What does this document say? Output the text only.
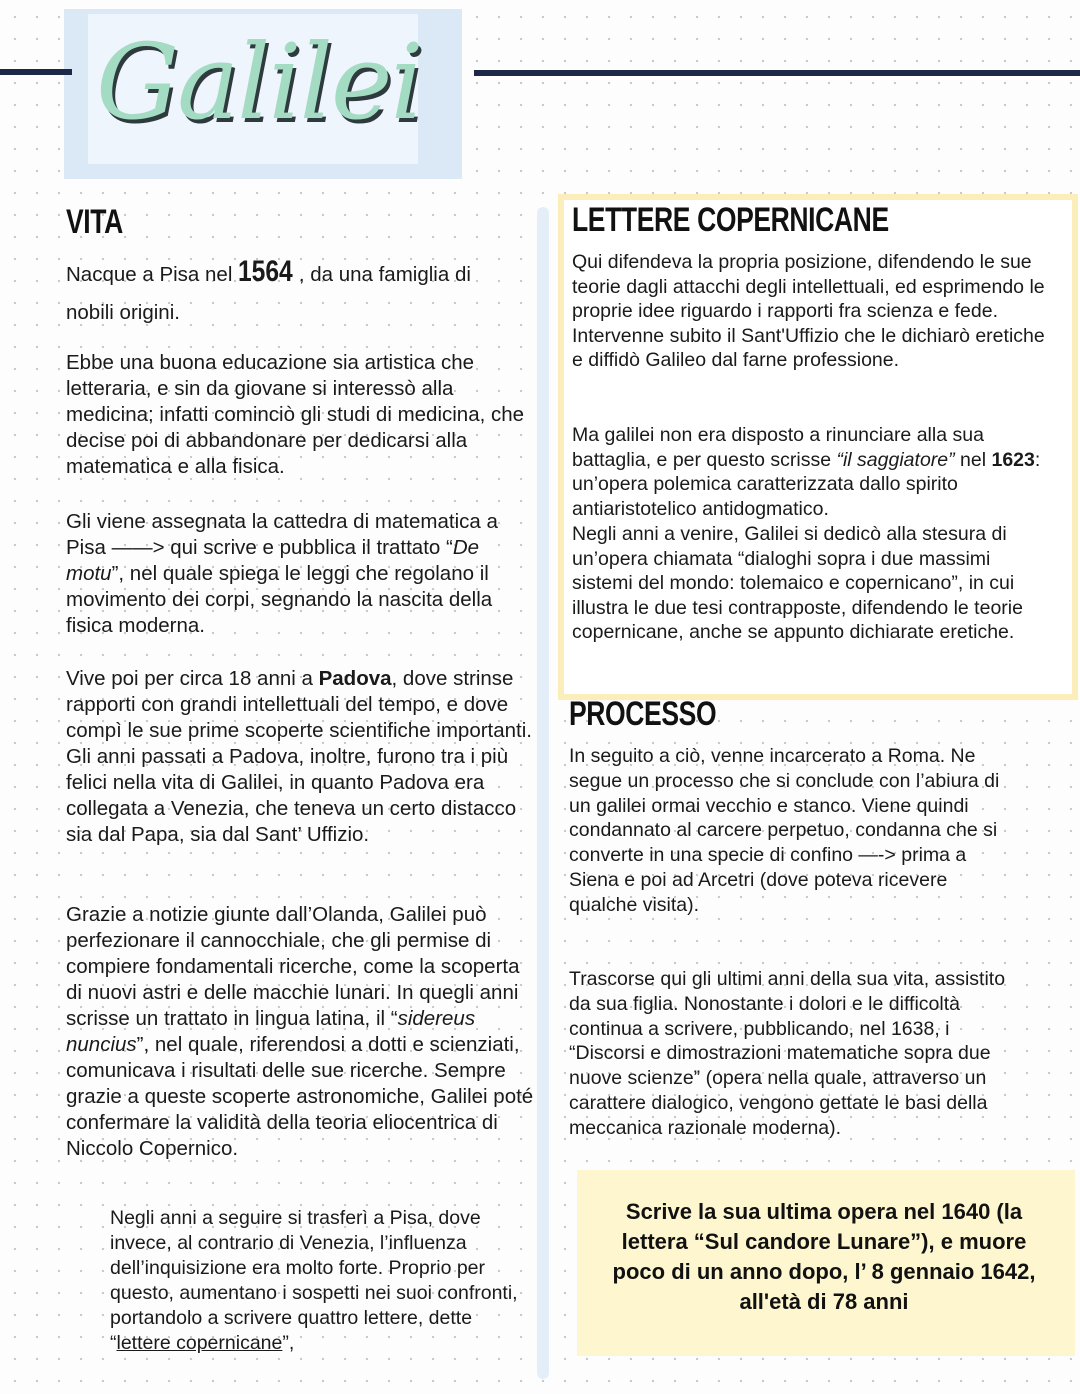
Galilei
VITA
Nacque a Pisa nel 1564 , da una famiglia di
nobili origini.
Ebbe una buona educazione sia artistica che letteraria, e sin da giovane si interessò alla medicina; infatti cominciò gli studi di medicina, che decise poi di abbandonare per dedicarsi alla matematica e alla fisica.
Gli viene assegnata la cattedra di matematica a Pisa ——> qui scrive e pubblica il trattato “De motu”, nel quale spiega le leggi che regolano il movimento dei corpi, segnando la nascita della fisica moderna.
Vive poi per circa 18 anni a Padova, dove strinse rapporti con grandi intellettuali del tempo, e dove compì le sue prime scoperte scientifiche importanti. Gli anni passati a Padova, inoltre, furono tra i più felici nella vita di Galilei, in quanto Padova era collegata a Venezia, che teneva un certo distacco sia dal Papa, sia dal Sant’ Uffizio.
Grazie a notizie giunte dall’Olanda, Galilei può perfezionare il cannocchiale, che gli permise di compiere fondamentali ricerche, come la scoperta di nuovi astri e delle macchie lunari. In quegli anni scrisse un trattato in lingua latina, il “sidereus nuncius”, nel quale, riferendosi a dotti e scienziati, comunicava i risultati delle sue ricerche. Sempre grazie a queste scoperte astronomiche, Galilei poté confermare la validità della teoria eliocentrica di Niccolo Copernico.
Negli anni a seguire si trasferì a Pisa, dove invece, al contrario di Venezia, l’influenza dell’inquisizione era molto forte. Proprio per questo, aumentano i sospetti nei suoi confronti, portandolo a scrivere quattro lettere, dette “lettere copernicane”,
LETTERE COPERNICANE
Qui difendeva la propria posizione, difendendo le sue teorie dagli attacchi degli intellettuali, ed esprimendo le proprie idee riguardo i rapporti fra scienza e fede. Intervenne subito il Sant'Uffizio che le dichiarò eretiche e diffidò Galileo dal farne professione.
Ma galilei non era disposto a rinunciare alla sua battaglia, e per questo scrisse “il saggiatore” nel 1623: un’opera polemica caratterizzata dallo spirito antiaristotelico antidogmatico.
Negli anni a venire, Galilei si dedicò alla stesura di un’opera chiamata “dialoghi sopra i due massimi sistemi del mondo: tolemaico e copernicano”, in cui illustra le due tesi contrapposte, difendendo le teorie copernicane, anche se appunto dichiarate eretiche.
PROCESSO
In seguito a ciò, venne incarcerato a Roma. Ne segue un processo che si conclude con l’abiura di un galilei ormai vecchio e stanco. Viene quindi condannato al carcere perpetuo, condanna che si converte in una specie di confino —-> prima a Siena e poi ad Arcetri (dove poteva ricevere qualche visita).
Trascorse qui gli ultimi anni della sua vita, assistito da sua figlia. Nonostante i dolori e le difficoltà continua a scrivere, pubblicando, nel 1638, i “Discorsi e dimostrazioni matematiche sopra due nuove scienze” (opera nella quale, attraverso un carattere dialogico, vengono gettate le basi della meccanica razionale moderna).
Scrive la sua ultima opera nel 1640 (la lettera “Sul candore Lunare”), e muore poco di un anno dopo, l’ 8 gennaio 1642, all'età di 78 anni
